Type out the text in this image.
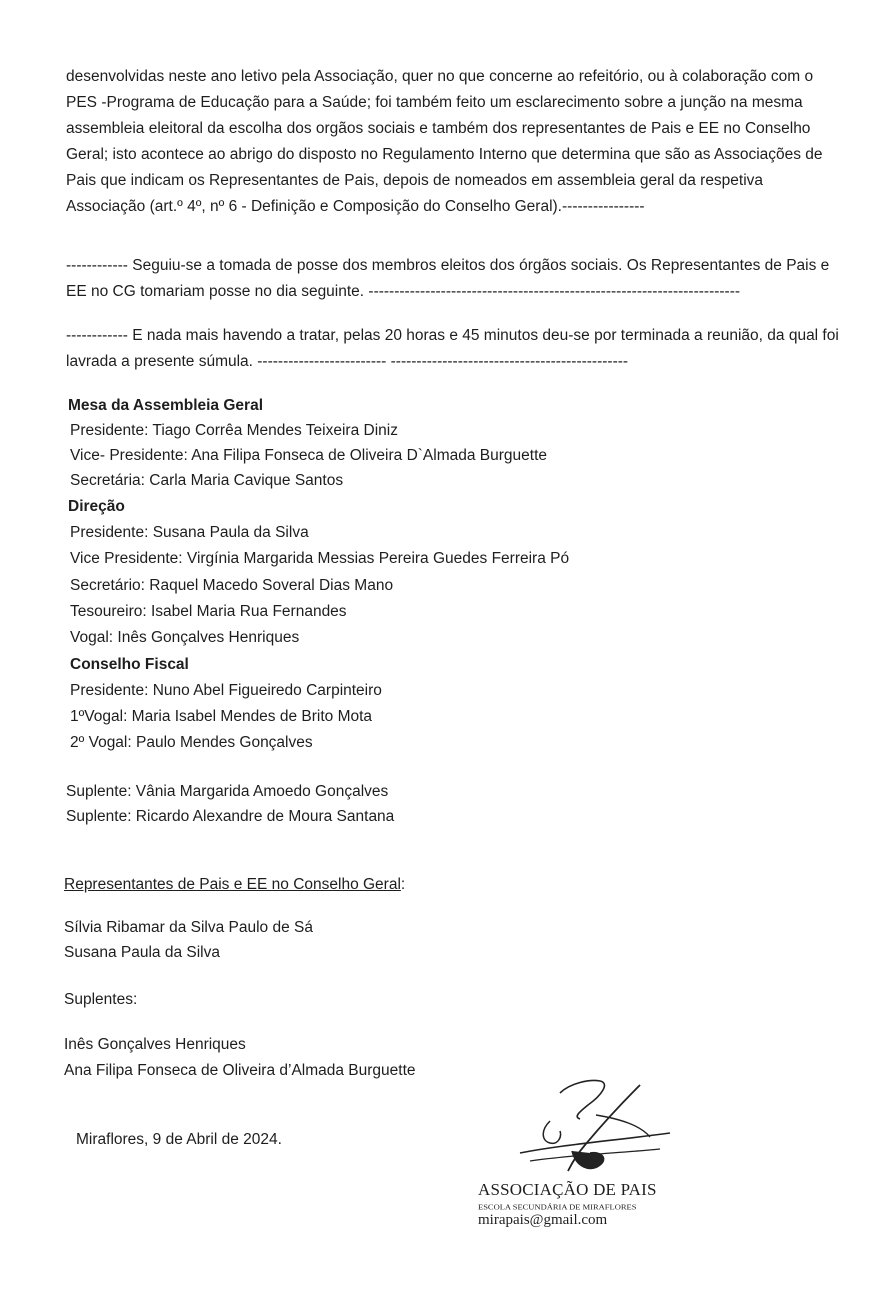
desenvolvidas neste ano letivo pela Associação, quer no que concerne ao refeitório, ou à colaboração com o PES -Programa de Educação para a Saúde; foi também feito um esclarecimento sobre a junção na mesma assembleia eleitoral da escolha dos orgãos sociais e também dos representantes de Pais e EE no Conselho Geral; isto acontece ao abrigo do disposto no Regulamento Interno que determina que são as Associações de Pais que indicam os Representantes de Pais, depois de nomeados em assembleia geral da respetiva Associação (art.º 4º, nº 6 - Definição e Composição do Conselho Geral).----------------

------------ Seguiu-se a tomada de posse dos membros eleitos dos órgãos sociais. Os Representantes de Pais e EE no CG tomariam posse no dia seguinte. ------------------------------------------------------------------------

------------ E nada mais havendo a tratar, pelas 20 horas e 45 minutos deu-se por terminada a reunião, da qual foi lavrada a presente súmula. ------------------------- ----------------------------------------------

Mesa da Assembleia Geral

Presidente: Tiago Corrêa Mendes Teixeira Diniz

Vice- Presidente: Ana Filipa Fonseca de Oliveira D`Almada Burguette

Secretária: Carla Maria Cavique Santos

Direção

Presidente: Susana Paula da Silva

Vice Presidente: Virgínia Margarida Messias Pereira Guedes Ferreira Pó

Secretário: Raquel Macedo Soveral Dias Mano

Tesoureiro: Isabel Maria Rua Fernandes

Vogal: Inês Gonçalves Henriques

Conselho Fiscal

Presidente: Nuno Abel Figueiredo Carpinteiro

1ºVogal: Maria Isabel Mendes de Brito Mota

2º Vogal: Paulo Mendes Gonçalves

Suplente: Vânia Margarida Amoedo Gonçalves

Suplente: Ricardo Alexandre de Moura Santana

Representantes de Pais e EE no Conselho Geral:

Sílvia Ribamar da Silva Paulo de Sá

Susana Paula da Silva

Suplentes:

Inês Gonçalves Henriques

Ana Filipa Fonseca de Oliveira d’Almada Burguette

Miraflores, 9 de Abril de 2024.

ASSOCIAÇÃO DE PAIS

ESCOLA SECUNDÁRIA DE MIRAFLORES

mirapais@gmail.com
